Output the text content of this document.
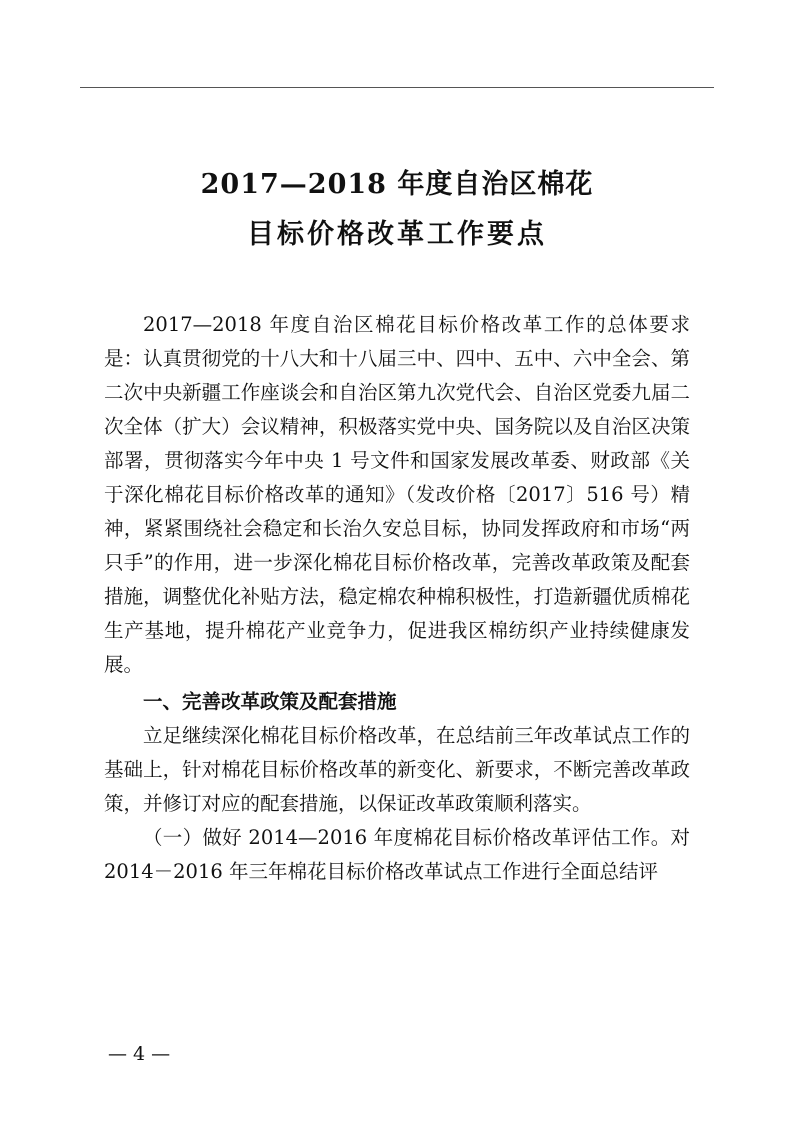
2017—2018 年度自治区棉花
目标价格改革工作要点

2017—2018 年度自治区棉花目标价格改革工作的总体要求是：认真贯彻党的十八大和十八届三中、四中、五中、六中全会、第二次中央新疆工作座谈会和自治区第九次党代会、自治区党委九届二次全体（扩大）会议精神，积极落实党中央、国务院以及自治区决策部署，贯彻落实今年中央 1 号文件和国家发展改革委、财政部《关于深化棉花目标价格改革的通知》（发改价格〔2017〕516 号）精神，紧紧围绕社会稳定和长治久安总目标，协同发挥政府和市场“两只手”的作用，进一步深化棉花目标价格改革，完善改革政策及配套措施，调整优化补贴方法，稳定棉农种棉积极性，打造新疆优质棉花生产基地，提升棉花产业竞争力，促进我区棉纺织产业持续健康发展。

一、完善改革政策及配套措施

立足继续深化棉花目标价格改革，在总结前三年改革试点工作的基础上，针对棉花目标价格改革的新变化、新要求，不断完善改革政策，并修订对应的配套措施，以保证改革政策顺利落实。

（一）做好 2014—2016 年度棉花目标价格改革评估工作。对 2014－2016 年三年棉花目标价格改革试点工作进行全面总结评

— 4 —
